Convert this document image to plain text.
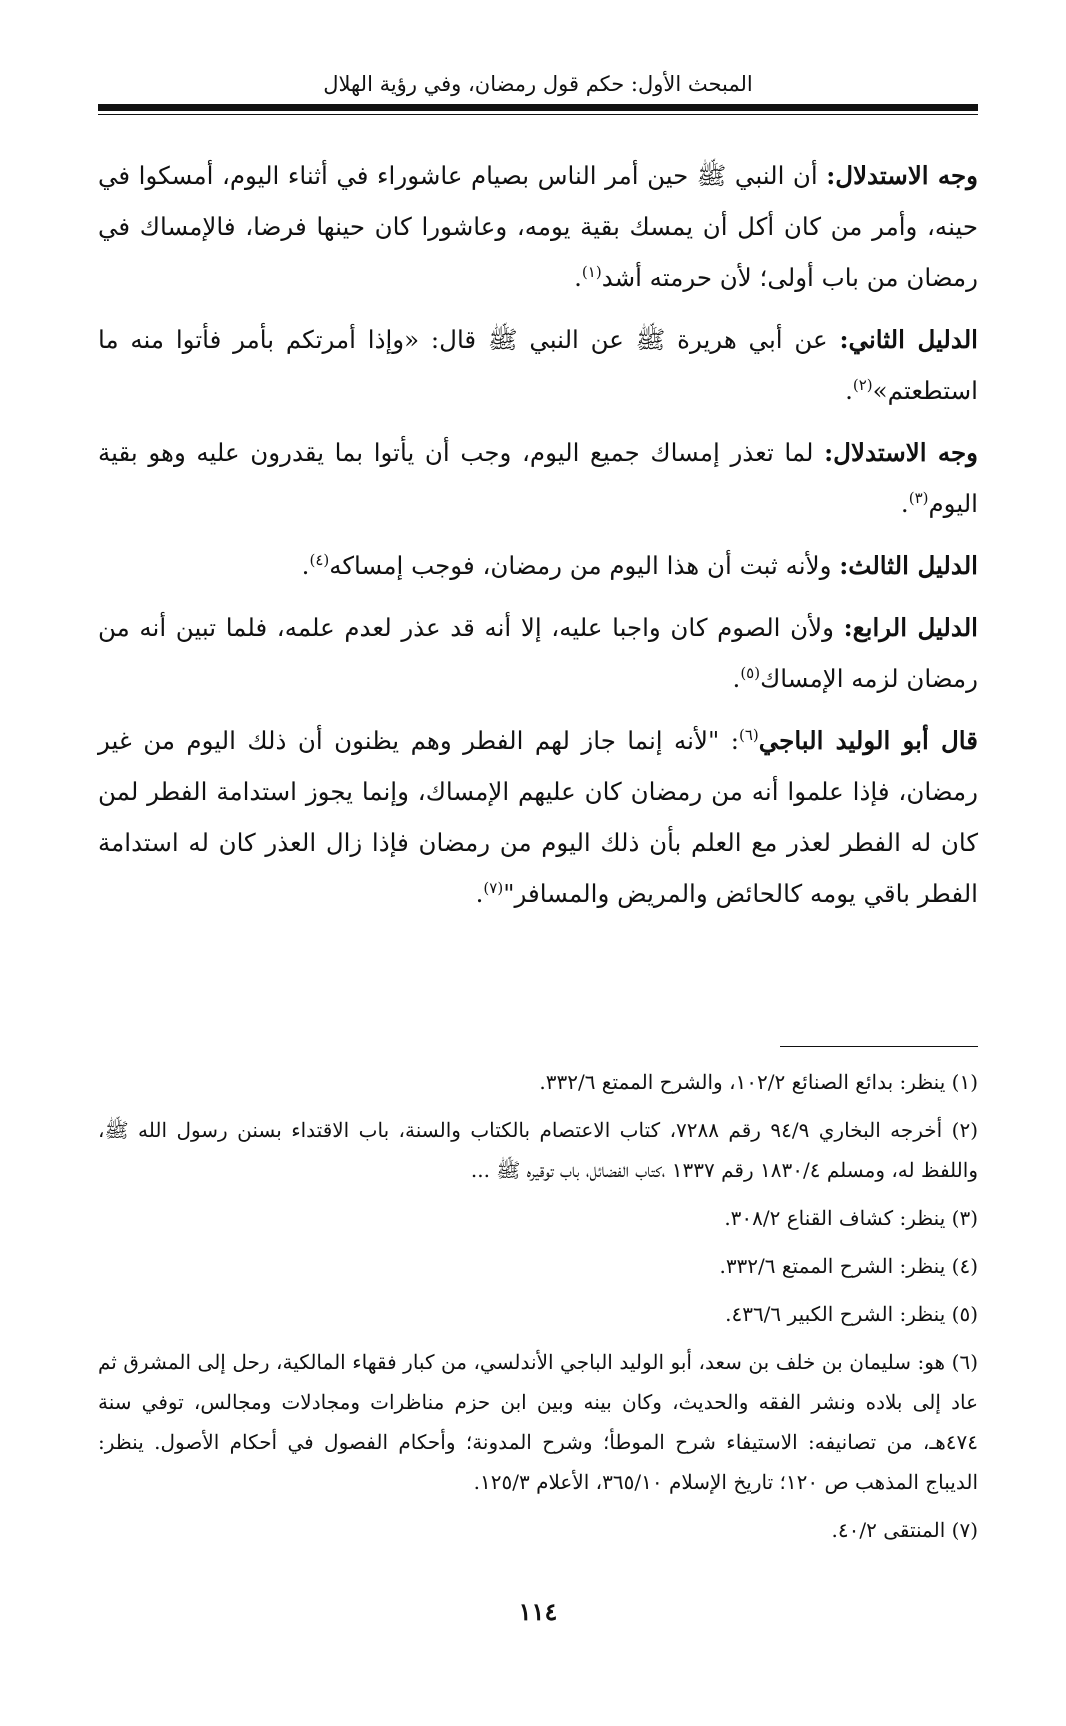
المبحث الأول: حكم قول رمضان، وفي رؤية الهلال

وجه الاستدلال: أن النبي ﷺ حين أمر الناس بصيام عاشوراء في أثناء اليوم، أمسكوا في حينه، وأمر من كان أكل أن يمسك بقية يومه، وعاشورا كان حينها فرضا، فالإمساك في رمضان من باب أولى؛ لأن حرمته أشد$^{(١)}$.

الدليل الثاني: عن أبي هريرة ﷺ عن النبي ﷺ قال: «وإذا أمرتكم بأمر فأتوا منه ما استطعتم»$^{(٢)}$.

وجه الاستدلال: لما تعذر إمساك جميع اليوم، وجب أن يأتوا بما يقدرون عليه وهو بقية اليوم$^{(٣)}$.

الدليل الثالث: ولأنه ثبت أن هذا اليوم من رمضان، فوجب إمساكه$^{(٤)}$.

الدليل الرابع: ولأن الصوم كان واجبا عليه، إلا أنه قد عذر لعدم علمه، فلما تبين أنه من رمضان لزمه الإمساك$^{(٥)}$.

قال أبو الوليد الباجي$^{(٦)}$: "لأنه إنما جاز لهم الفطر وهم يظنون أن ذلك اليوم من غير رمضان، فإذا علموا أنه من رمضان كان عليهم الإمساك، وإنما يجوز استدامة الفطر لمن كان له الفطر لعذر مع العلم بأن ذلك اليوم من رمضان فإذا زال العذر كان له استدامة الفطر باقي يومه كالحائض والمريض والمسافر"$^{(٧)}$.

(١) ينظر: بدائع الصنائع ١٠٢/٢، والشرح الممتع ٣٣٢/٦.

(٢) أخرجه البخاري ٩٤/٩ رقم ٧٢٨٨، كتاب الاعتصام بالكتاب والسنة، باب الاقتداء بسنن رسول الله ﷺ، واللفظ له، ومسلم ١٨٣٠/٤ رقم ١٣٣٧ ،كتاب الفضائل، باب توقيره ﷺ ...

(٣) ينظر: كشاف القناع ٣٠٨/٢.

(٤) ينظر: الشرح الممتع ٣٣٢/٦.

(٥) ينظر: الشرح الكبير ٤٣٦/٦.

(٦) هو: سليمان بن خلف بن سعد، أبو الوليد الباجي الأندلسي، من كبار فقهاء المالكية، رحل إلى المشرق ثم عاد إلى بلاده ونشر الفقه والحديث، وكان بينه وبين ابن حزم مناظرات ومجادلات ومجالس، توفي سنة ٤٧٤هـ، من تصانيفه: الاستيفاء شرح الموطأ؛ وشرح المدونة؛ وأحكام الفصول في أحكام الأصول. ينظر: الديباج المذهب ص ١٢٠؛ تاريخ الإسلام ٣٦٥/١٠، الأعلام ١٢٥/٣.

(٧) المنتقى ٤٠/٢.

١١٤
